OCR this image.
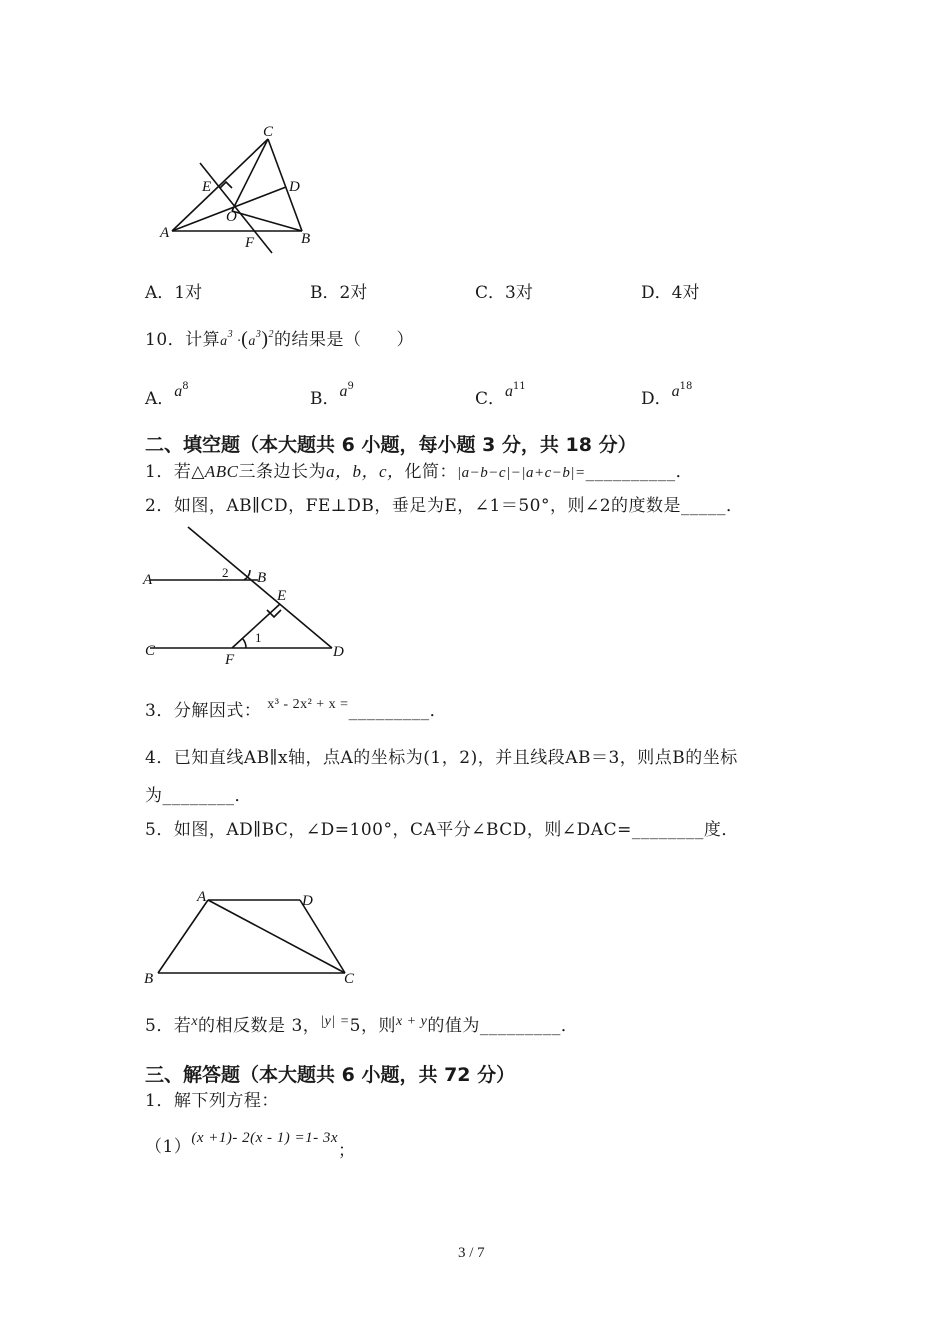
C
E	D
O
A
F	B
A．1对	B．2对	C．3对	D．4对
10．计算$a^3 \cdot(a^3)^2$的结果是（　　）
A．$a^8$
B．$a^9$
C．$a^{11}$
D．$a^{18}$
二、填空题（本大题共 6 小题，每小题 3 分，共 18 分）
1．若△ABC三条边长为a，b，c，化简：|a−b−c|−|a+c−b|=__________．
2．如图，AB∥CD，FE⊥DB，垂足为E，∠1＝50°，则∠2的度数是_____．
A	B
E
C
F	D
1
2
3．分解因式： $^{x^3 - 2x^2 + x =}$_________．
4．已知直线AB∥x轴，点A的坐标为(1，2)，并且线段AB＝3，则点B的坐标
为________．
5．如图，AD∥BC，∠D=100°，CA平分∠BCD，则∠DAC=________度．
A	D
B	C
5．若$^x$的相反数是 3，$^{|y| =}$5，则$^{x + y}$的值为_________．
三、解答题（本大题共 6 小题，共 72 分）
1．解下列方程：
（1）(x +1)- 2(x - 1) =1- 3x；
3 / 7
